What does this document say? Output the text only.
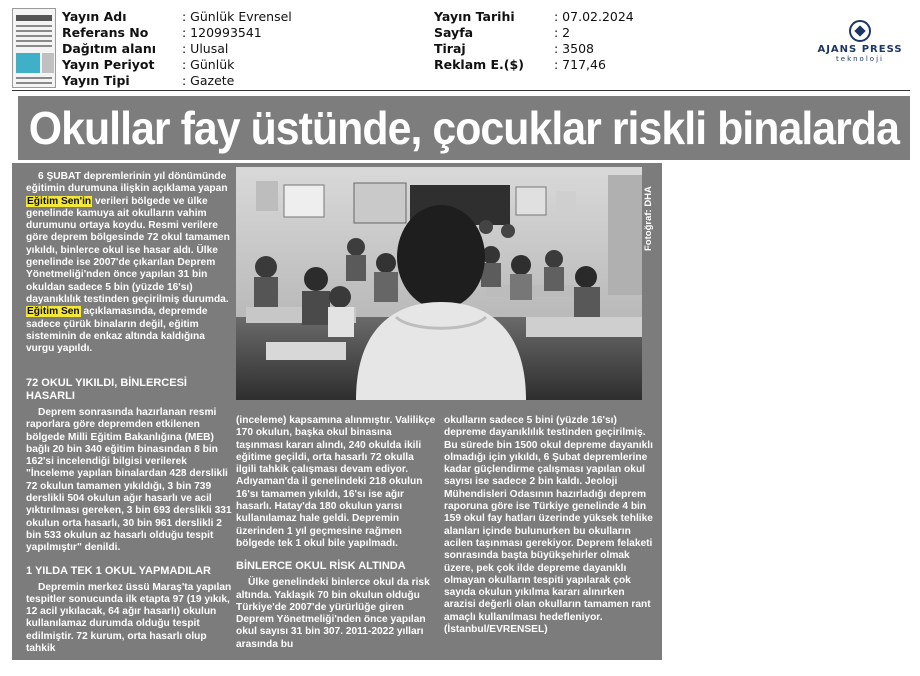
Yayın Adı	: Günlük Evrensel
Referans No	: 120993541
Dağıtım alanı	: Ulusal
Yayın Periyot	: Günlük
Yayın Tipi	: Gazete
Yayın Tarihi	: 07.02.2024
Sayfa	: 2
Tiraj	: 3508
Reklam E.($)	: 717,46
AJANS PRESS
teknoloji
Okullar fay üstünde, çocuklar riskli binalarda

6 ŞUBAT depremlerinin yıl dönümünde eğitimin durumuna ilişkin açıklama yapan Eğitim Sen'in verileri bölgede ve ülke genelinde kamuya ait okulların vahim durumunu ortaya koydu. Resmi verilere göre deprem bölgesinde 72 okul tamamen yıkıldı, binlerce okul ise hasar aldı. Ülke genelinde ise 2007'de çıkarılan Deprem Yönetmeliği'nden önce yapılan 31 bin okuldan sadece 5 bin (yüzde 16'sı) dayanıklılık testinden geçirilmiş durumda. Eğitim Sen açıklamasında, depremde sadece çürük binaların değil, eğitim sisteminin de enkaz altında kaldığına vurgu yapıldı.

Fotoğraf: DHA
72 OKUL YIKILDI, BİNLERCESİ HASARLI

Deprem sonrasında hazırlanan resmi raporlara göre depremden etkilenen bölgede Milli Eğitim Bakanlığına (MEB) bağlı 20 bin 340 eğitim binasından 8 bin 162'si incelendiği bilgisi verilerek "İnceleme yapılan binalardan 428 derslikli 72 okulun tamamen yıkıldığı, 3 bin 739 derslikli 504 okulun ağır hasarlı ve acil yıktırılması gereken, 3 bin 693 derslikli 331 okulun orta hasarlı, 30 bin 961 derslikli 2 bin 533 okulun az hasarlı olduğu tespit yapılmıştır" denildi.

1 YILDA TEK 1 OKUL YAPMADILAR

Depremin merkez üssü Maraş'ta yapılan tespitler sonucunda ilk etapta 97 (19 yıkık, 12 acil yıkılacak, 64 ağır hasarlı) okulun kullanılamaz durumda olduğu tespit edilmiştir. 72 kurum, orta hasarlı olup tahkik

(inceleme) kapsamına alınmıştır. Valilikçe 170 okulun, başka okul binasına taşınması kararı alındı, 240 okulda ikili eğitime geçildi, orta hasarlı 72 okulla ilgili tahkik çalışması devam ediyor. Adıyaman'da il genelindeki 218 okulun 16'sı tamamen yıkıldı, 16'sı ise ağır hasarlı. Hatay'da 180 okulun yarısı kullanılamaz hale geldi. Depremin üzerinden 1 yıl geçmesine rağmen bölgede tek 1 okul bile yapılmadı.

BİNLERCE OKUL RİSK ALTINDA

Ülke genelindeki binlerce okul da risk altında. Yaklaşık 70 bin okulun olduğu Türkiye'de 2007'de yürürlüğe giren Deprem Yönetmeliği'nden önce yapılan okul sayısı 31 bin 307. 2011-2022 yılları arasında bu

okulların sadece 5 bini (yüzde 16'sı) depreme dayanıklılık testinden geçirilmiş. Bu sürede bin 1500 okul depreme dayanıklı olmadığı için yıkıldı, 6 Şubat depremlerine kadar güçlendirme çalışması yapılan okul sayısı ise sadece 2 bin kaldı. Jeoloji Mühendisleri Odasının hazırladığı deprem raporuna göre ise Türkiye genelinde 4 bin 159 okul fay hatları üzerinde yüksek tehlike alanları içinde bulunurken bu okulların acilen taşınması gerekiyor. Deprem felaketi sonrasında başta büyükşehirler olmak üzere, pek çok ilde depreme dayanıklı olmayan okulların tespiti yapılarak çok sayıda okulun yıkılma kararı alınırken arazisi değerli olan okulların tamamen rant amaçlı kullanılması hedefleniyor. (İstanbul/EVRENSEL)
